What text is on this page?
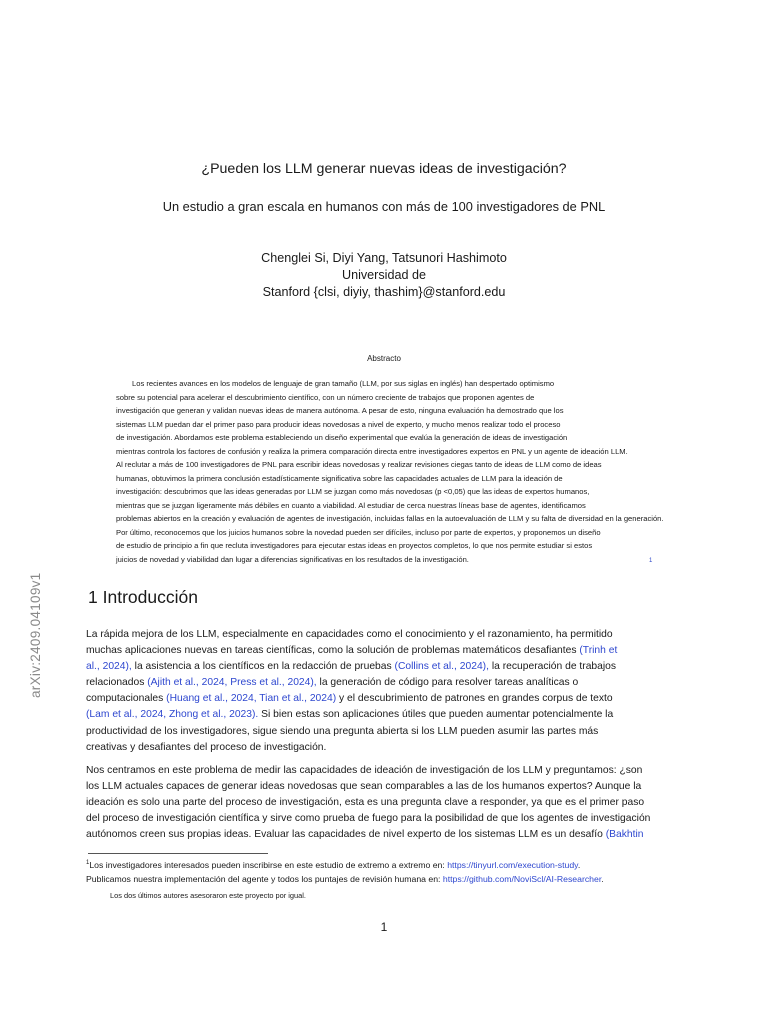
¿Pueden los LLM generar nuevas ideas de investigación?
Un estudio a gran escala en humanos con más de 100 investigadores de PNL
Chenglei Si, Diyi Yang, Tatsunori Hashimoto
Universidad de
Stanford {clsi, diyiy, thashim}@stanford.edu
Abstracto
Los recientes avances en los modelos de lenguaje de gran tamaño (LLM, por sus siglas en inglés) han despertado optimismo
sobre su potencial para acelerar el descubrimiento científico, con un número creciente de trabajos que proponen agentes de
investigación que generan y validan nuevas ideas de manera autónoma. A pesar de esto, ninguna evaluación ha demostrado que los
sistemas LLM puedan dar el primer paso para producir ideas novedosas a nivel de experto, y mucho menos realizar todo el proceso
de investigación. Abordamos este problema estableciendo un diseño experimental que evalúa la generación de ideas de investigación
mientras controla los factores de confusión y realiza la primera comparación directa entre investigadores expertos en PNL y un agente de ideación LLM.
Al reclutar a más de 100 investigadores de PNL para escribir ideas novedosas y realizar revisiones ciegas tanto de ideas de LLM como de ideas
humanas, obtuvimos la primera conclusión estadísticamente significativa sobre las capacidades actuales de LLM para la ideación de
investigación: descubrimos que las ideas generadas por LLM se juzgan como más novedosas (p <0,05) que las ideas de expertos humanos,
mientras que se juzgan ligeramente más débiles en cuanto a viabilidad. Al estudiar de cerca nuestras líneas base de agentes, identificamos
problemas abiertos en la creación y evaluación de agentes de investigación, incluidas fallas en la autoevaluación de LLM y su falta de diversidad en la generación.
Por último, reconocemos que los juicios humanos sobre la novedad pueden ser difíciles, incluso por parte de expertos, y proponemos un diseño
de estudio de principio a fin que recluta investigadores para ejecutar estas ideas en proyectos completos, lo que nos permite estudiar si estos
juicios de novedad y viabilidad dan lugar a diferencias significativas en los resultados de la investigación.	1
arXiv:2409.04109v1	1 Introducción
La rápida mejora de los LLM, especialmente en capacidades como el conocimiento y el razonamiento, ha permitido
muchas aplicaciones nuevas en tareas científicas, como la solución de problemas matemáticos desafiantes (Trinh et
al., 2024), la asistencia a los científicos en la redacción de pruebas (Collins et al., 2024), la recuperación de trabajos
relacionados (Ajith et al., 2024, Press et al., 2024), la generación de código para resolver tareas analíticas o
computacionales (Huang et al., 2024, Tian et al., 2024) y el descubrimiento de patrones en grandes corpus de texto
(Lam et al., 2024, Zhong et al., 2023). Si bien estas son aplicaciones útiles que pueden aumentar potencialmente la
productividad de los investigadores, sigue siendo una pregunta abierta si los LLM pueden asumir las partes más
creativas y desafiantes del proceso de investigación.
Nos centramos en este problema de medir las capacidades de ideación de investigación de los LLM y preguntamos: ¿son
los LLM actuales capaces de generar ideas novedosas que sean comparables a las de los humanos expertos? Aunque la
ideación es solo una parte del proceso de investigación, esta es una pregunta clave a responder, ya que es el primer paso
del proceso de investigación científica y sirve como prueba de fuego para la posibilidad de que los agentes de investigación
autónomos creen sus propias ideas. Evaluar las capacidades de nivel experto de los sistemas LLM es un desafío (Bakhtin
$^1$Los investigadores interesados pueden inscribirse en este estudio de extremo a extremo en: https://tinyurl.com/execution-study.
Publicamos nuestra implementación del agente y todos los puntajes de revisión humana en: https://github.com/NoviScl/AI-Researcher.
Los dos últimos autores asesoraron este proyecto por igual.
1
